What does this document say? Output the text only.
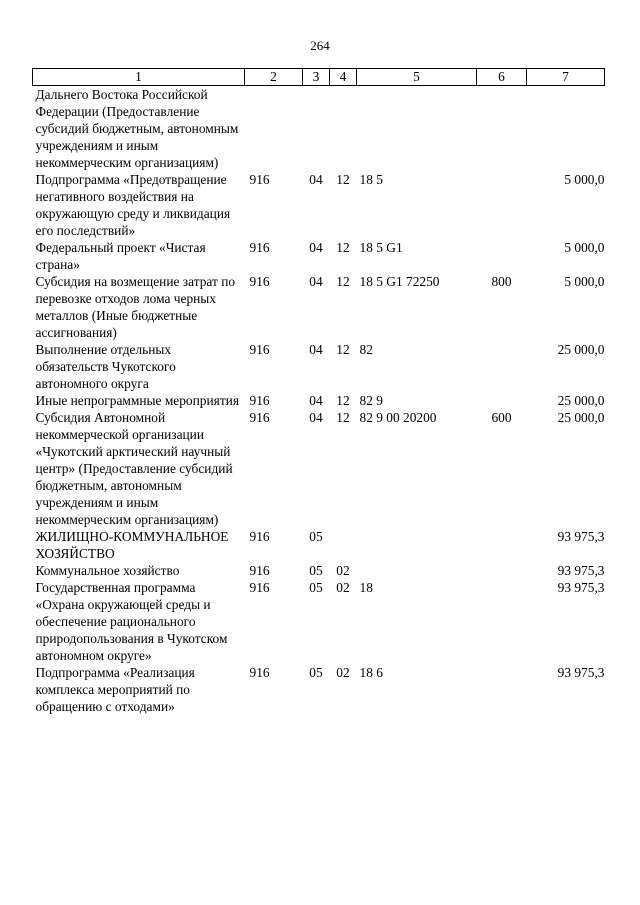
264
1	2	3	4	5	6	7
Дальнего Востока Российской Федерации (Предоставление субсидий бюджетным, автономным учреждениям и иным некоммерческим организациям)						
Подпрограмма «Предотвращение негативного воздействия на окружающую среду и ликвидация его последствий»	916	04	12	18 5		5 000,0
Федеральный проект «Чистая страна»	916	04	12	18 5 G1		5 000,0
Субсидия на возмещение затрат по перевозке отходов лома черных металлов (Иные бюджетные ассигнования)	916	04	12	18 5 G1 72250	800	5 000,0
Выполнение отдельных обязательств Чукотского автономного округа	916	04	12	82		25 000,0
Иные непрограммные мероприятия	916	04	12	82 9		25 000,0
Субсидия Автономной некоммерческой организации «Чукотский арктический научный центр» (Предоставление субсидий бюджетным, автономным учреждениям и иным некоммерческим организациям)	916	04	12	82 9 00 20200	600	25 000,0
ЖИЛИЩНО-КОММУНАЛЬНОЕ ХОЗЯЙСТВО	916	05				93 975,3
Коммунальное хозяйство	916	05	02			93 975,3
Государственная программа «Охрана окружающей среды и обеспечение рационального природопользования в Чукотском автономном округе»	916	05	02	18		93 975,3
Подпрограмма «Реализация комплекса мероприятий по обращению с отходами»	916	05	02	18 6		93 975,3
